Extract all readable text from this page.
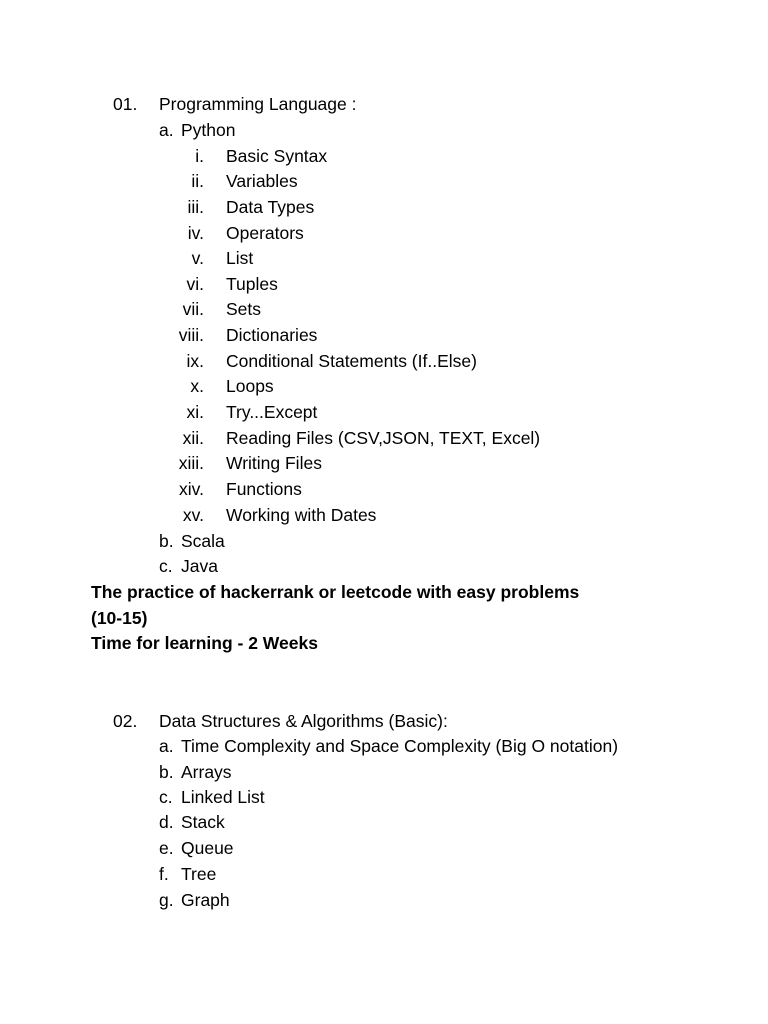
01. Programming Language :
a. Python
i. Basic Syntax
ii. Variables
iii. Data Types
iv. Operators
v. List
vi. Tuples
vii. Sets
viii. Dictionaries
ix. Conditional Statements (If..Else)
x. Loops
xi. Try...Except
xii. Reading Files (CSV,JSON, TEXT, Excel)
xiii. Writing Files
xiv. Functions
xv. Working with Dates
b. Scala
c. Java
The practice of hackerrank or leetcode with easy problems
(10-15)
Time for learning - 2 Weeks
02. Data Structures & Algorithms (Basic):
a. Time Complexity and Space Complexity (Big O notation)
b. Arrays
c. Linked List
d. Stack
e. Queue
f. Tree
g. Graph
